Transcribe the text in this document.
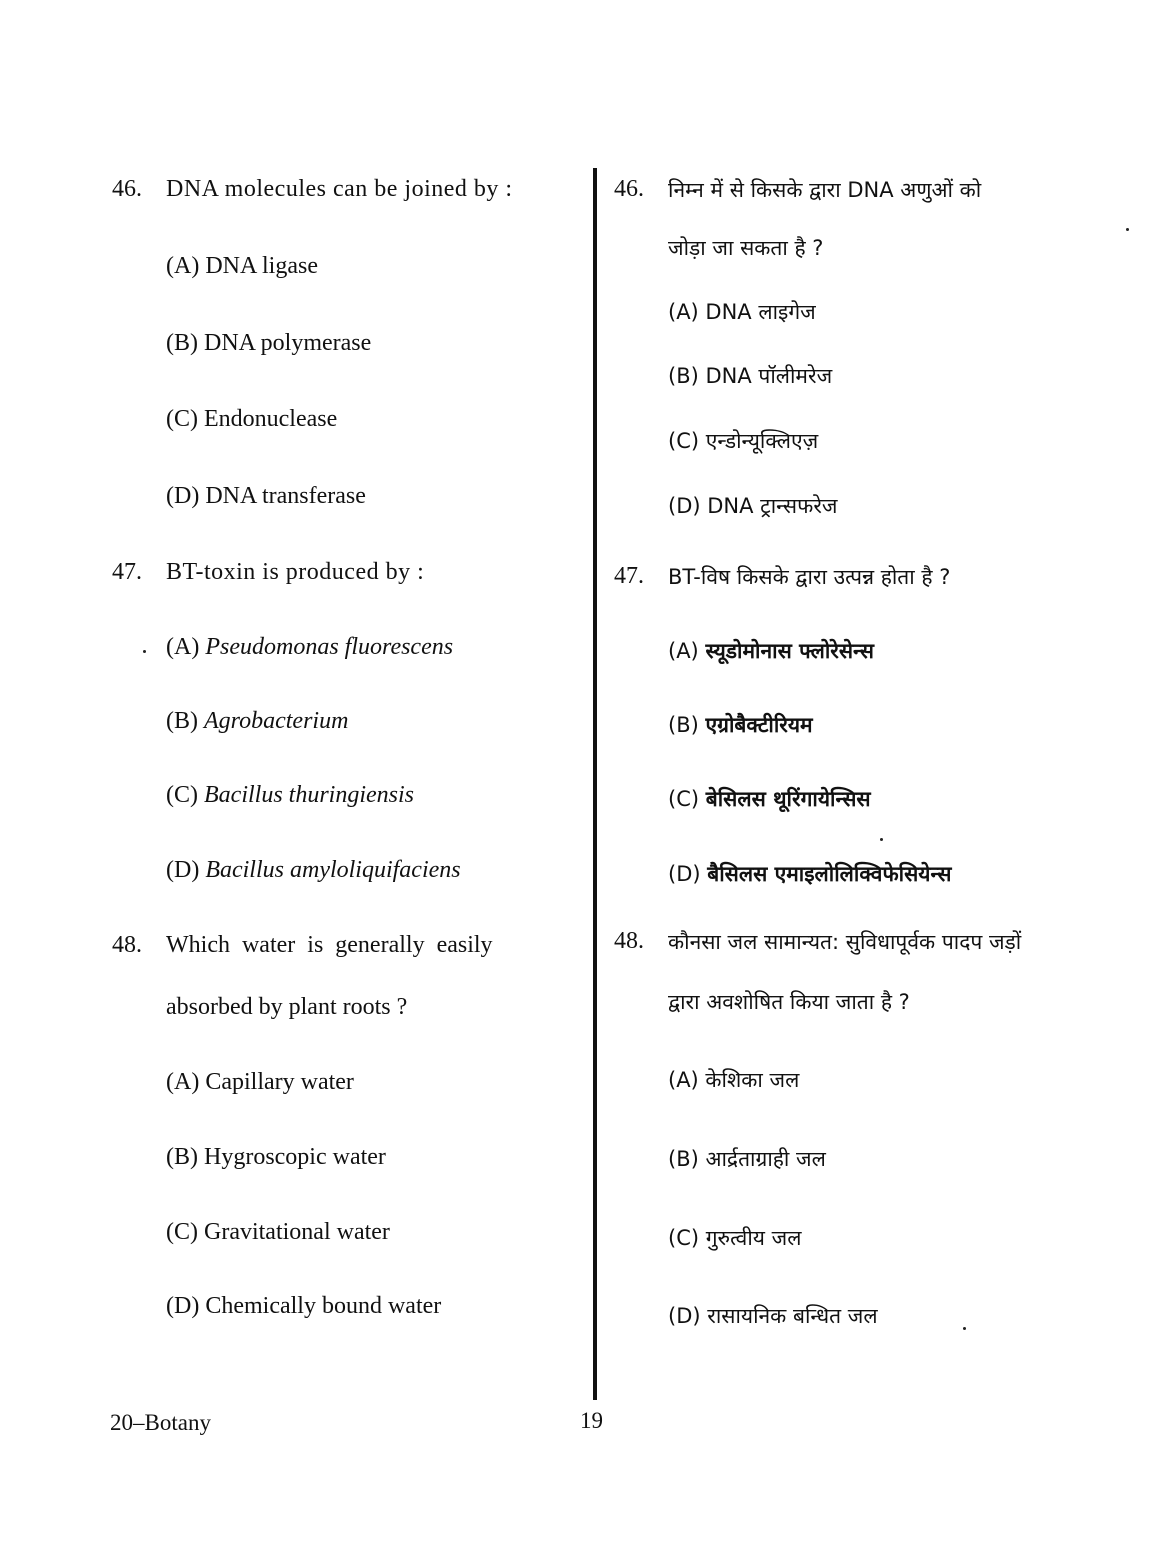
46. DNA molecules can be joined by :
(A) DNA ligase
(B) DNA polymerase
(C) Endonuclease
(D) DNA transferase
47. BT-toxin is produced by :
(A) Pseudomonas fluorescens
(B) Agrobacterium
(C) Bacillus thuringiensis
(D) Bacillus amyloliquifaciens
48. Which water is generally easily
absorbed by plant roots ?
(A) Capillary water
(B) Hygroscopic water
(C) Gravitational water
(D) Chemically bound water
46. निम्न में से किसके द्वारा DNA अणुओं को
जोड़ा जा सकता है ?
(A) DNA लाइगेज
(B) DNA पॉलीमरेज
(C) एन्डोन्यूक्लिएज़
(D) DNA ट्रान्सफरेज
47. BT-विष किसके द्वारा उत्पन्न होता है ?
(A) स्यूडोमोनास फ्लोरेसेन्स
(B) एग्रोबैक्टीरियम
(C) बेसिलस थूरिंगायेन्सिस
(D) बैसिलस एमाइलोलिक्विफेसियेन्स
48. कौनसा जल सामान्यत: सुविधापूर्वक पादप जड़ों
द्वारा अवशोषित किया जाता है ?
(A) केशिका जल
(B) आर्द्रताग्राही जल
(C) गुरुत्वीय जल
(D) रासायनिक बन्धित जल
20–Botany	19
